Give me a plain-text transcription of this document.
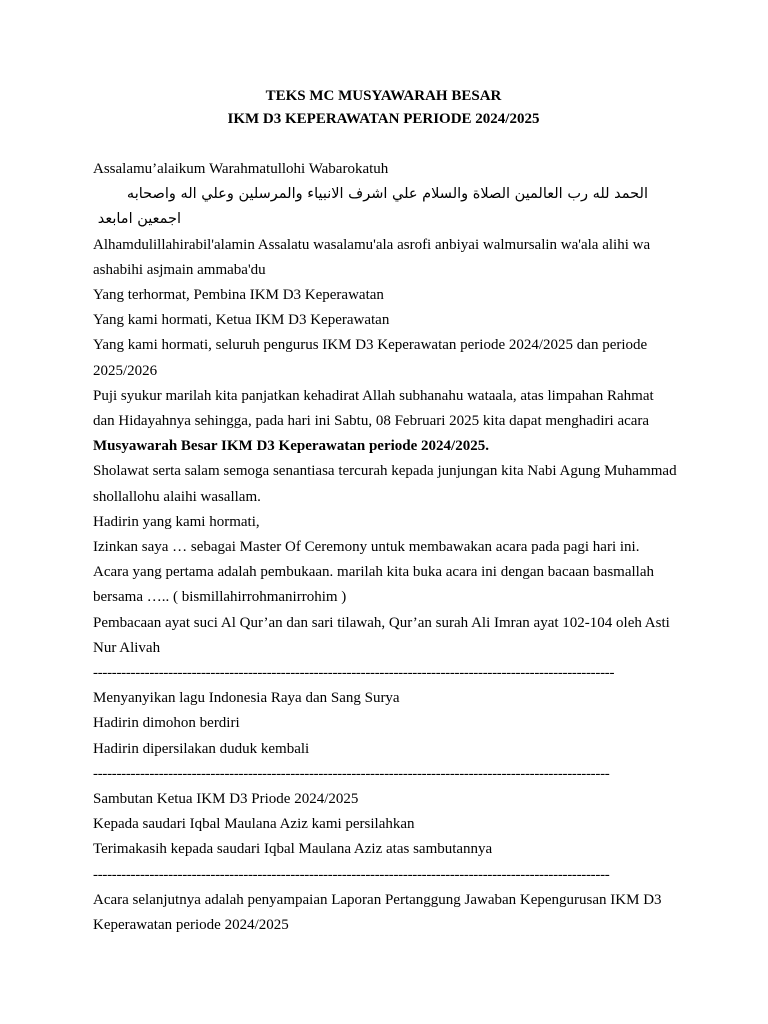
TEKS MC MUSYAWARAH BESAR

IKM D3 KEPERAWATAN PERIODE 2024/2025

Assalamu’alaikum Warahmatullohi Wabarokatuh

الحمد لله رب العالمين الصلاة والسلام علي اشرف الانبياء والمرسلين وعلي اله واصحابه

اجمعين امابعد

Alhamdulillahirabil'alamin Assalatu wasalamu'ala asrofi anbiyai walmursalin wa'ala alihi wa ashabihi asjmain ammaba'du

Yang terhormat, Pembina IKM D3 Keperawatan

Yang kami hormati, Ketua IKM D3 Keperawatan

Yang kami hormati, seluruh pengurus IKM D3 Keperawatan periode 2024/2025 dan periode 2025/2026

Puji syukur marilah kita panjatkan kehadirat Allah subhanahu wataala, atas limpahan Rahmat dan Hidayahnya sehingga, pada hari ini Sabtu, 08 Februari 2025 kita dapat menghadiri acara

Musyawarah Besar IKM D3 Keperawatan periode 2024/2025.

Sholawat serta salam semoga senantiasa tercurah kepada junjungan kita Nabi Agung Muhammad shollallohu alaihi wasallam.

Hadirin yang kami hormati,

Izinkan saya … sebagai Master Of Ceremony untuk membawakan acara pada pagi hari ini.

Acara yang pertama adalah pembukaan. marilah kita buka acara ini dengan bacaan basmallah bersama ….. ( bismillahirrohmanirrohim )

Pembacaan ayat suci Al Qur’an dan sari tilawah, Qur’an surah Ali Imran ayat 102-104 oleh Asti Nur Alivah

---------------------------------------------------------------------------------------------------------------

Menyanyikan lagu Indonesia Raya dan Sang Surya

Hadirin dimohon berdiri

Hadirin dipersilakan duduk kembali

--------------------------------------------------------------------------------------------------------------

Sambutan Ketua IKM D3 Priode 2024/2025

Kepada saudari Iqbal Maulana Aziz kami persilahkan

Terimakasih kepada saudari Iqbal Maulana Aziz atas sambutannya

--------------------------------------------------------------------------------------------------------------

Acara selanjutnya adalah penyampaian Laporan Pertanggung Jawaban Kepengurusan IKM D3 Keperawatan periode 2024/2025
